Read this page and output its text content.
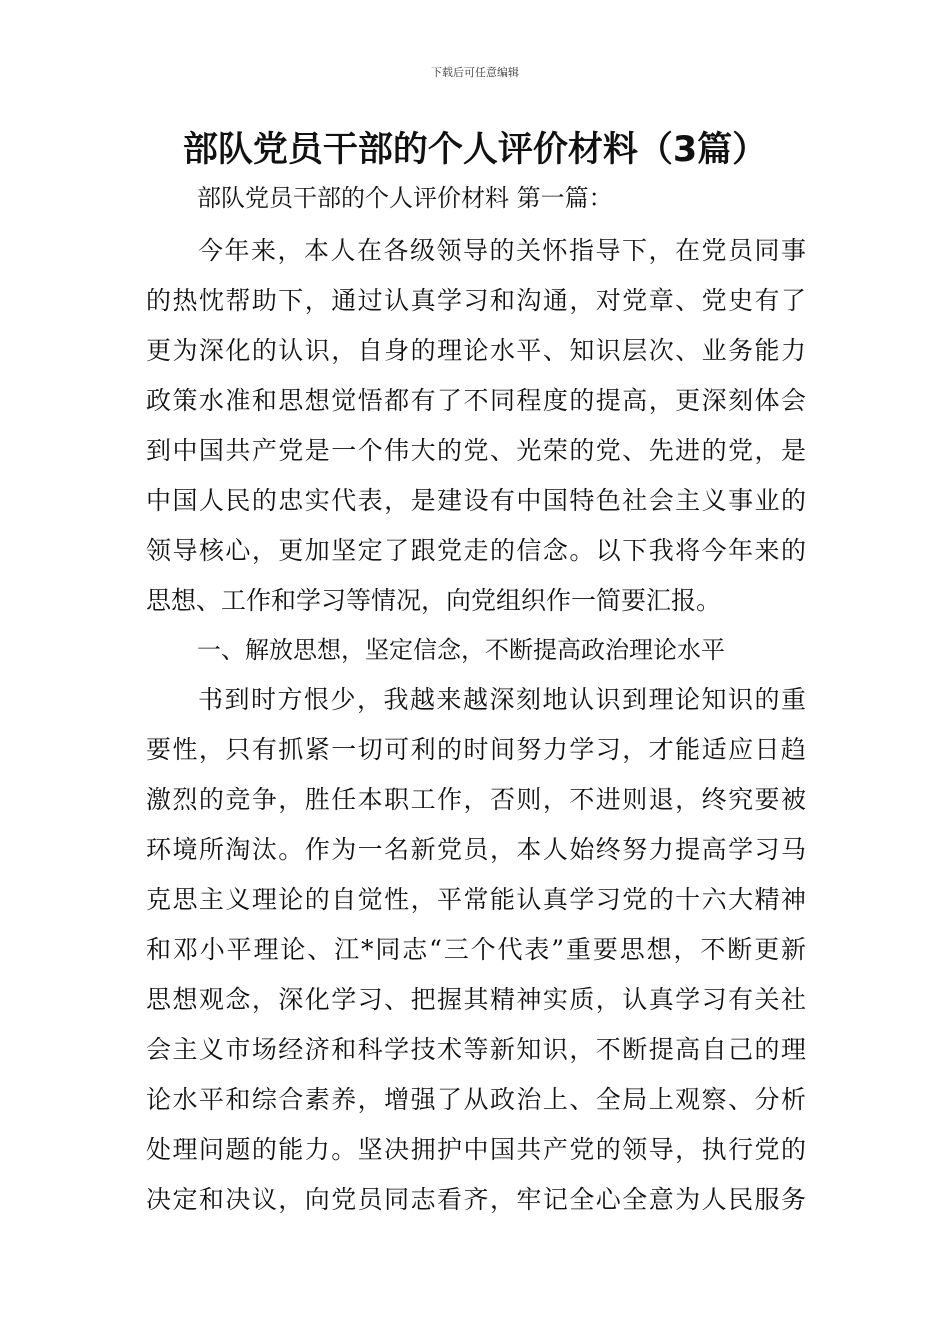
下载后可任意编辑
部队党员干部的个人评价材料（3篇）

部队党员干部的个人评价材料 第一篇：

今年来，本人在各级领导的关怀指导下，在党员同事

的热忱帮助下，通过认真学习和沟通，对党章、党史有了

更为深化的认识，自身的理论水平、知识层次、业务能力

政策水准和思想觉悟都有了不同程度的提高，更深刻体会

到中国共产党是一个伟大的党、光荣的党、先进的党，是

中国人民的忠实代表，是建设有中国特色社会主义事业的

领导核心，更加坚定了跟党走的信念。以下我将今年来的

思想、工作和学习等情况，向党组织作一简要汇报。

一、解放思想，坚定信念，不断提高政治理论水平

书到时方恨少，我越来越深刻地认识到理论知识的重

要性，只有抓紧一切可利的时间努力学习，才能适应日趋

激烈的竞争，胜任本职工作，否则，不进则退，终究要被

环境所淘汰。作为一名新党员，本人始终努力提高学习马

克思主义理论的自觉性，平常能认真学习党的十六大精神

和邓小平理论、江*同志“三个代表”重要思想，不断更新

思想观念，深化学习、把握其精神实质，认真学习有关社

会主义市场经济和科学技术等新知识，不断提高自己的理

论水平和综合素养，增强了从政治上、全局上观察、分析

处理问题的能力。坚决拥护中国共产党的领导，执行党的

决定和决议，向党员同志看齐，牢记全心全意为人民服务
